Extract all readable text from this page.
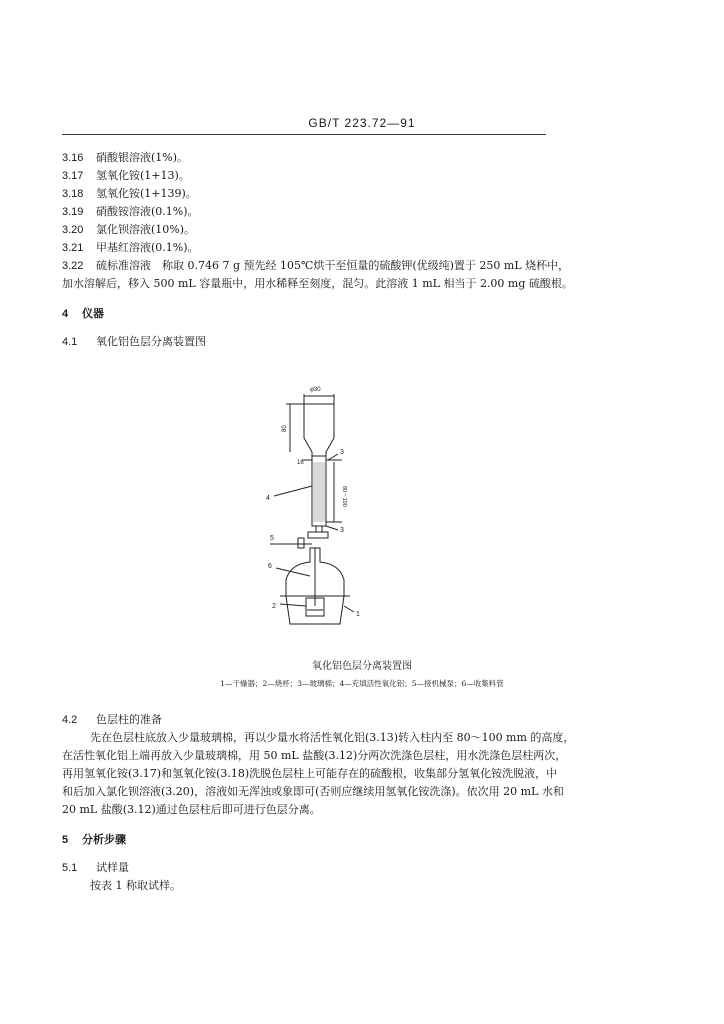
GB/T 223.72—91
3.16 硝酸银溶液(1%)。
3.17 氢氧化铵(1+13)。
3.18 氢氧化铵(1+139)。
3.19 硝酸铵溶液(0.1%)。
3.20 氯化钡溶液(10%)。
3.21 甲基红溶液(0.1%)。
3.22 硫标准溶液　称取 0.746 7 g 预先经 105℃烘干至恒量的硫酸钾(优级纯)置于 250 mL 烧杯中，
加水溶解后，移入 500 mL 容量瓶中，用水稀释至刻度，混匀。此溶液 1 mL 相当于 2.00 mg 硫酸根。
4 仪器
4.1 氧化铝色层分离装置图
φ30
80
16
80～100
1
2
3
3
4
5
6
氧化铝色层分离装置图
1—干燥器；2—烧杯；3—玻璃棉；4—充填活性氧化铝；5—接机械泵；6—收集料管
4.2 色层柱的准备
先在色层柱底放入少量玻璃棉，再以少量水将活性氧化铝(3.13)转入柱内至 80～100 mm 的高度，
在活性氧化铝上端再放入少量玻璃棉，用 50 mL 盐酸(3.12)分两次洗涤色层柱，用水洗涤色层柱两次，
再用氢氧化铵(3.17)和氢氧化铵(3.18)洗脱色层柱上可能存在的硫酸根，收集部分氢氧化铵洗脱液，中
和后加入氯化钡溶液(3.20)，溶液如无浑浊或象即可(否则应继续用氢氧化铵洗涤)。依次用 20 mL 水和
20 mL 盐酸(3.12)通过色层柱后即可进行色层分离。
5 分析步骤
5.1 试样量
按表 1 称取试样。
